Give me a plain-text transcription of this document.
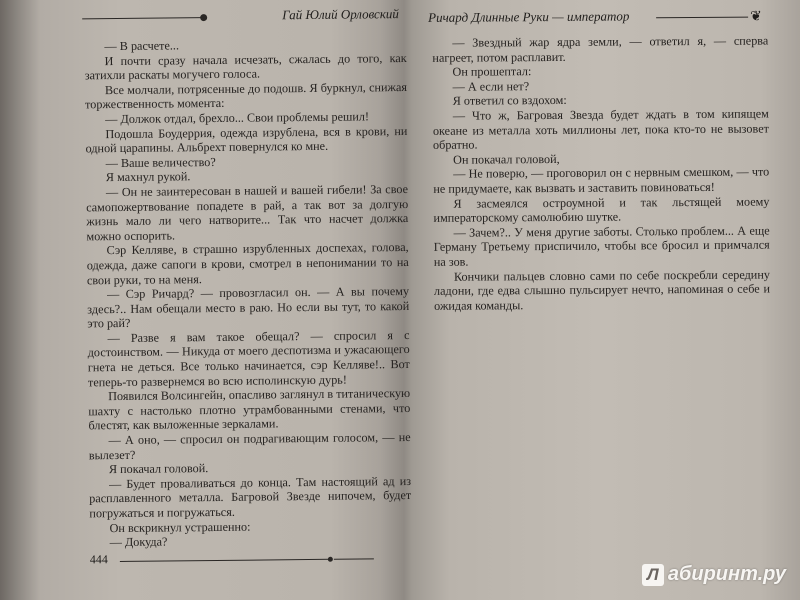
Гай Юлий Орловский

— В расчете...

И почти сразу начала исчезать, сжалась до того, как затихли раскаты могучего голоса.

Все молчали, потрясенные до подошв. Я буркнул, снижая торжественность момента:

— Должок отдал, брехло... Свои проблемы решил!

Подошла Боудеррия, одежда изрублена, вся в крови, ни одной царапины. Альбрехт повернулся ко мне.

— Ваше величество?

Я махнул рукой.

— Он не заинтересован в нашей и вашей гибели! За свое самопожертвование попадете в рай, а так вот за долгую жизнь мало ли чего натворите... Так что насчет должка можно оспорить.

Сэр Келляве, в страшно изрубленных доспехах, голова, одежда, даже сапоги в крови, смотрел в непонимании то на свои руки, то на меня.

— Сэр Ричард? — провозгласил он. — А вы почему здесь?.. Нам обещали место в раю. Но если вы тут, то какой это рай?

— Разве я вам такое обещал? — спросил я с достоинством. — Никуда от моего деспотизма и ужасающего гнета не деться. Все только начинается, сэр Келляве!.. Вот теперь-то развернемся во всю исполинскую дурь!

Появился Волсингейн, опасливо заглянул в титаническую шахту с настолько плотно утрамбованными стенами, что блестят, как выложенные зеркалами.

— А оно, — спросил он подрагивающим голосом, — не вылезет?

Я покачал головой.

— Будет проваливаться до конца. Там настоящий ад из расплавленного металла. Багровой Звезде нипочем, будет погружаться и погружаться.

Он вскрикнул устрашенно:

— Докуда?

444
Ричард Длинные Руки — император	❦

— Звездный жар ядра земли, — ответил я, — сперва нагреет, потом расплавит.

Он прошептал:

— А если нет?

Я ответил со вздохом:

— Что ж, Багровая Звезда будет ждать в том кипящем океане из металла хоть миллионы лет, пока кто-то не вызовет обратно.

Он покачал головой,

— Не поверю, — проговорил он с нервным смешком, — что не придумаете, как вызвать и заставить повиноваться!

Я засмеялся остроумной и так льстящей моему императорскому самолюбию шутке.

— Зачем?.. У меня другие заботы. Столько проблем... А еще Герману Третьему приспичило, чтобы все бросил и примчался на зов.

Кончики пальцев словно сами по себе поскребли середину ладони, где едва слышно пульсирует нечто, напоминая о себе и ожидая команды.

Л абиринт.ру
